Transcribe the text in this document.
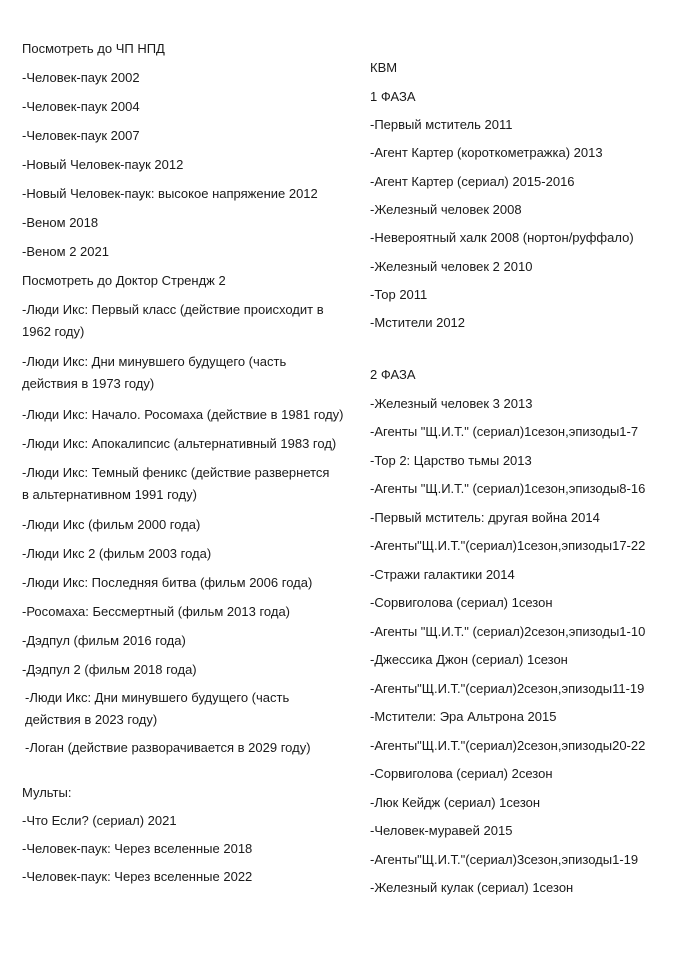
Посмотреть до ЧП НПД
-Человек-паук 2002
-Человек-паук 2004
-Человек-паук 2007
-Новый Человек-паук 2012
-Новый Человек-паук: высокое напряжение 2012
-Веном 2018
-Веном 2 2021
Посмотреть до Доктор Стрендж 2
-Люди Икс: Первый класс (действие происходит в 1962 году)
-Люди Икс: Дни минувшего будущего (часть действия в 1973 году)
-Люди Икс: Начало. Росомаха (действие в 1981 году)
-Люди Икс: Апокалипсис (альтернативный 1983 год)
-Люди Икс: Темный феникс (действие развернется в альтернативном 1991 году)
-Люди Икс (фильм 2000 года)
-Люди Икс 2 (фильм 2003 года)
-Люди Икс: Последняя битва (фильм 2006 года)
-Росомаха: Бессмертный (фильм 2013 года)
-Дэдпул (фильм 2016 года)
-Дэдпул 2 (фильм 2018 года)
-Люди Икс: Дни минувшего будущего (часть действия в 2023 году)
-Логан (действие разворачивается в 2029 году)
Мульты:
-Что Если? (сериал) 2021
-Человек-паук: Через вселенные 2018
-Человек-паук: Через вселенные 2022
КВМ
1 ФАЗА
-Первый мститель 2011
-Агент Картер (короткометражка) 2013
-Агент Картер (сериал) 2015-2016
-Железный человек 2008
-Невероятный халк 2008 (нортон/руффало)
-Железный человек 2 2010
-Тор 2011
-Мстители 2012
2 ФАЗА
-Железный человек 3 2013
-Агенты "Щ.И.Т." (сериал)1сезон,эпизоды1-7
-Тор 2: Царство тьмы 2013
-Агенты "Щ.И.Т." (сериал)1сезон,эпизоды8-16
-Первый мститель: другая война 2014
-Агенты"Щ.И.Т."(сериал)1сезон,эпизоды17-22
-Стражи галактики 2014
-Сорвиголова (сериал) 1сезон
-Агенты "Щ.И.Т." (сериал)2сезон,эпизоды1-10
-Джессика Джон (сериал) 1сезон
-Агенты"Щ.И.Т."(сериал)2сезон,эпизоды11-19
-Мстители: Эра Альтрона 2015
-Агенты"Щ.И.Т."(сериал)2сезон,эпизоды20-22
-Сорвиголова (сериал) 2сезон
-Люк Кейдж (сериал) 1сезон
-Человек-муравей 2015
-Агенты"Щ.И.Т."(сериал)3сезон,эпизоды1-19
-Железный кулак (сериал) 1сезон
